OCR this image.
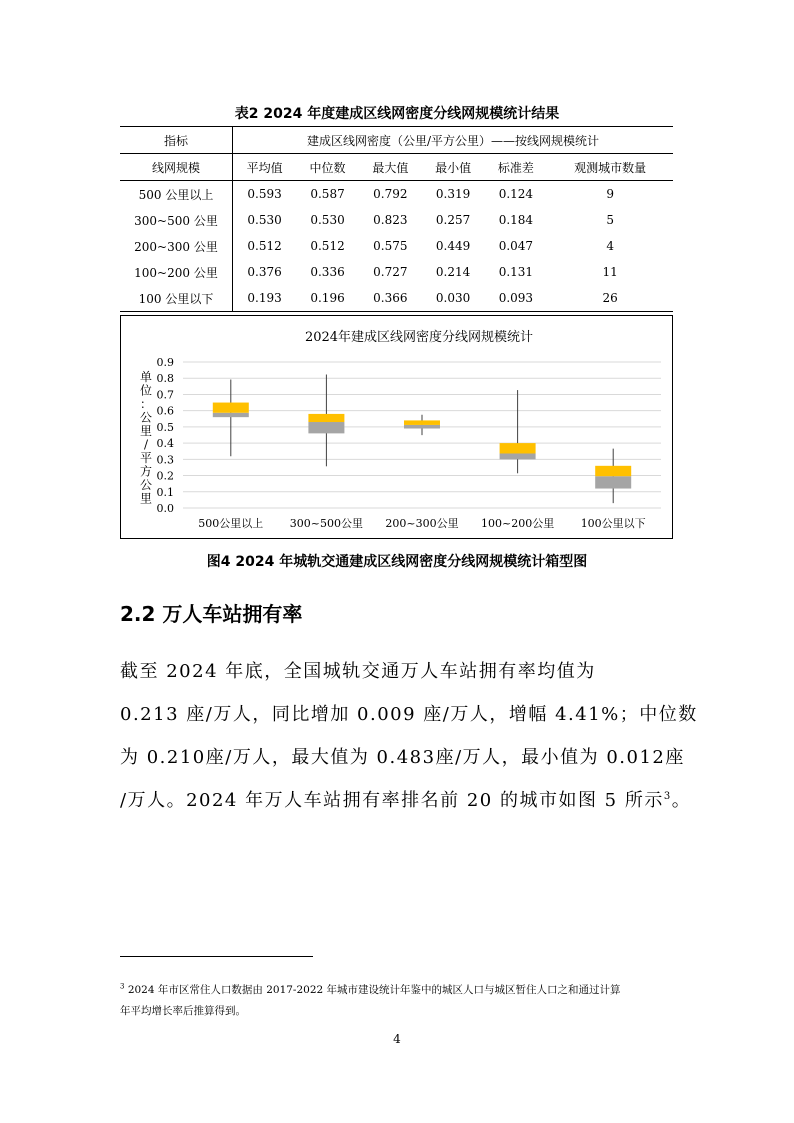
表2 2024 年度建成区线网密度分线网规模统计结果
指标	建成区线网密度（公里/平方公里）——按线网规模统计					
线网规模	平均值	中位数	最大值	最小值	标准差	观测城市数量
500 公里以上	0.593	0.587	0.792	0.319	0.124	9
300~500 公里	0.530	0.530	0.823	0.257	0.184	5
200~300 公里	0.512	0.512	0.575	0.449	0.047	4
100~200 公里	0.376	0.336	0.727	0.214	0.131	11
100 公里以下	0.193	0.196	0.366	0.030	0.093	26
2024年建成区线网密度分线网规模统计
0.0
0.1
0.2
0.3
0.4
0.5
0.6
0.7
0.8
0.9
单
位
：
公
里
/
平
方
公
里
500公里以上 300~500公里 200~300公里 100~200公里 100公里以下
图4 2024 年城轨交通建成区线网密度分线网规模统计箱型图
2.2 万人车站拥有率
截至 2024 年底，全国城轨交通万人车站拥有率均值为
0.213 座/万人，同比增加 0.009 座/万人，增幅 4.41%；中位数
为 0.210座/万人，最大值为 0.483座/万人，最小值为 0.012座
/万人。2024 年万人车站拥有率排名前 20 的城市如图 5 所示$^3$。
$^3$ 2024 年市区常住人口数据由 2017-2022 年城市建设统计年鉴中的城区人口与城区暂住人口之和通过计算
年平均增长率后推算得到。
4
